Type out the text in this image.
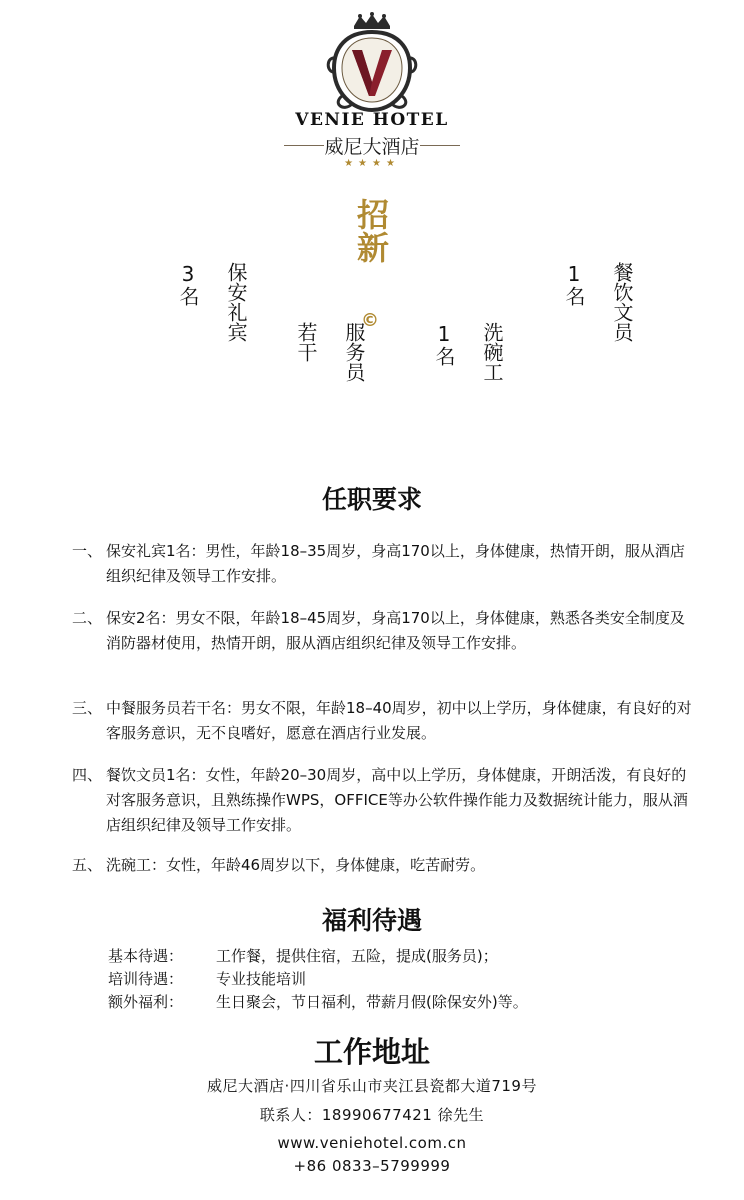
VENIE HOTEL
威尼大酒店
★★★★
招新
©
保安礼宾

3名
服务员

若干	洗碗工

1名
餐饮文员

1名
任职要求
一、 保安礼宾1名：男性，年龄18–35周岁，身高170以上，身体健康，热情开朗，服从酒店组织纪律及领导工作安排。
二、 保安2名：男女不限，年龄18–45周岁，身高170以上，身体健康，熟悉各类安全制度及消防器材使用，热情开朗，服从酒店组织纪律及领导工作安排。
三、 中餐服务员若干名：男女不限，年龄18–40周岁，初中以上学历，身体健康，有良好的对客服务意识，无不良嗜好，愿意在酒店行业发展。
四、 餐饮文员1名：女性，年龄20–30周岁，高中以上学历，身体健康，开朗活泼，有良好的对客服务意识，且熟练操作WPS，OFFICE等办公软件操作能力及数据统计能力，服从酒店组织纪律及领导工作安排。
五、 洗碗工：女性，年龄46周岁以下，身体健康，吃苦耐劳。
福利待遇
基本待遇： 工作餐，提供住宿，五险，提成(服务员)；
培训待遇： 专业技能培训
额外福利： 生日聚会，节日福利，带薪月假(除保安外)等。
工作地址
威尼大酒店·四川省乐山市夹江县瓷都大道719号
联系人：18990677421 徐先生
www.veniehotel.com.cn
+86 0833–5799999
